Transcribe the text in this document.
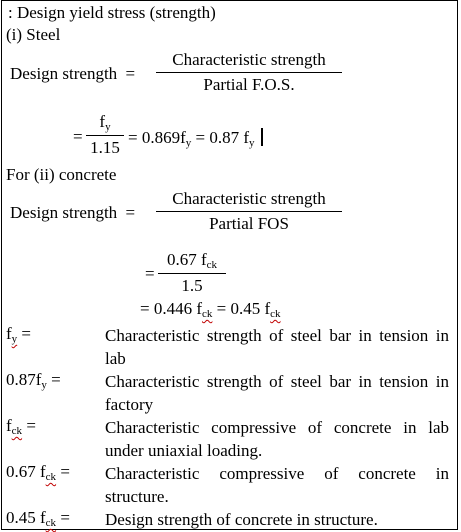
: Design yield stress (strength)
(i) Steel
Design strength =
Characteristic strength
Partial F.O.S.
=
$f_y$
1.15
= $0.869f_y = 0.87$ $f_y$
For (ii) concrete
Design strength =
Characteristic strength
Partial FOS
=
0.67 $f_{ck}$
1.5
= 0.446 $f_{ck} = 0.45$ $f_{ck}$
$f_y$ =	Characteristic strength of steel bar in tension in lab
$0.87f_y$ =	Characteristic strength of steel bar in tension in factory
$f_{ck}$ =	Characteristic compressive of concrete in lab under uniaxial loading.
0.67 $f_{ck}$ = Characteristic compressive of concrete in structure.
0.45 $f_{ck}$ = Design strength of concrete in structure.
